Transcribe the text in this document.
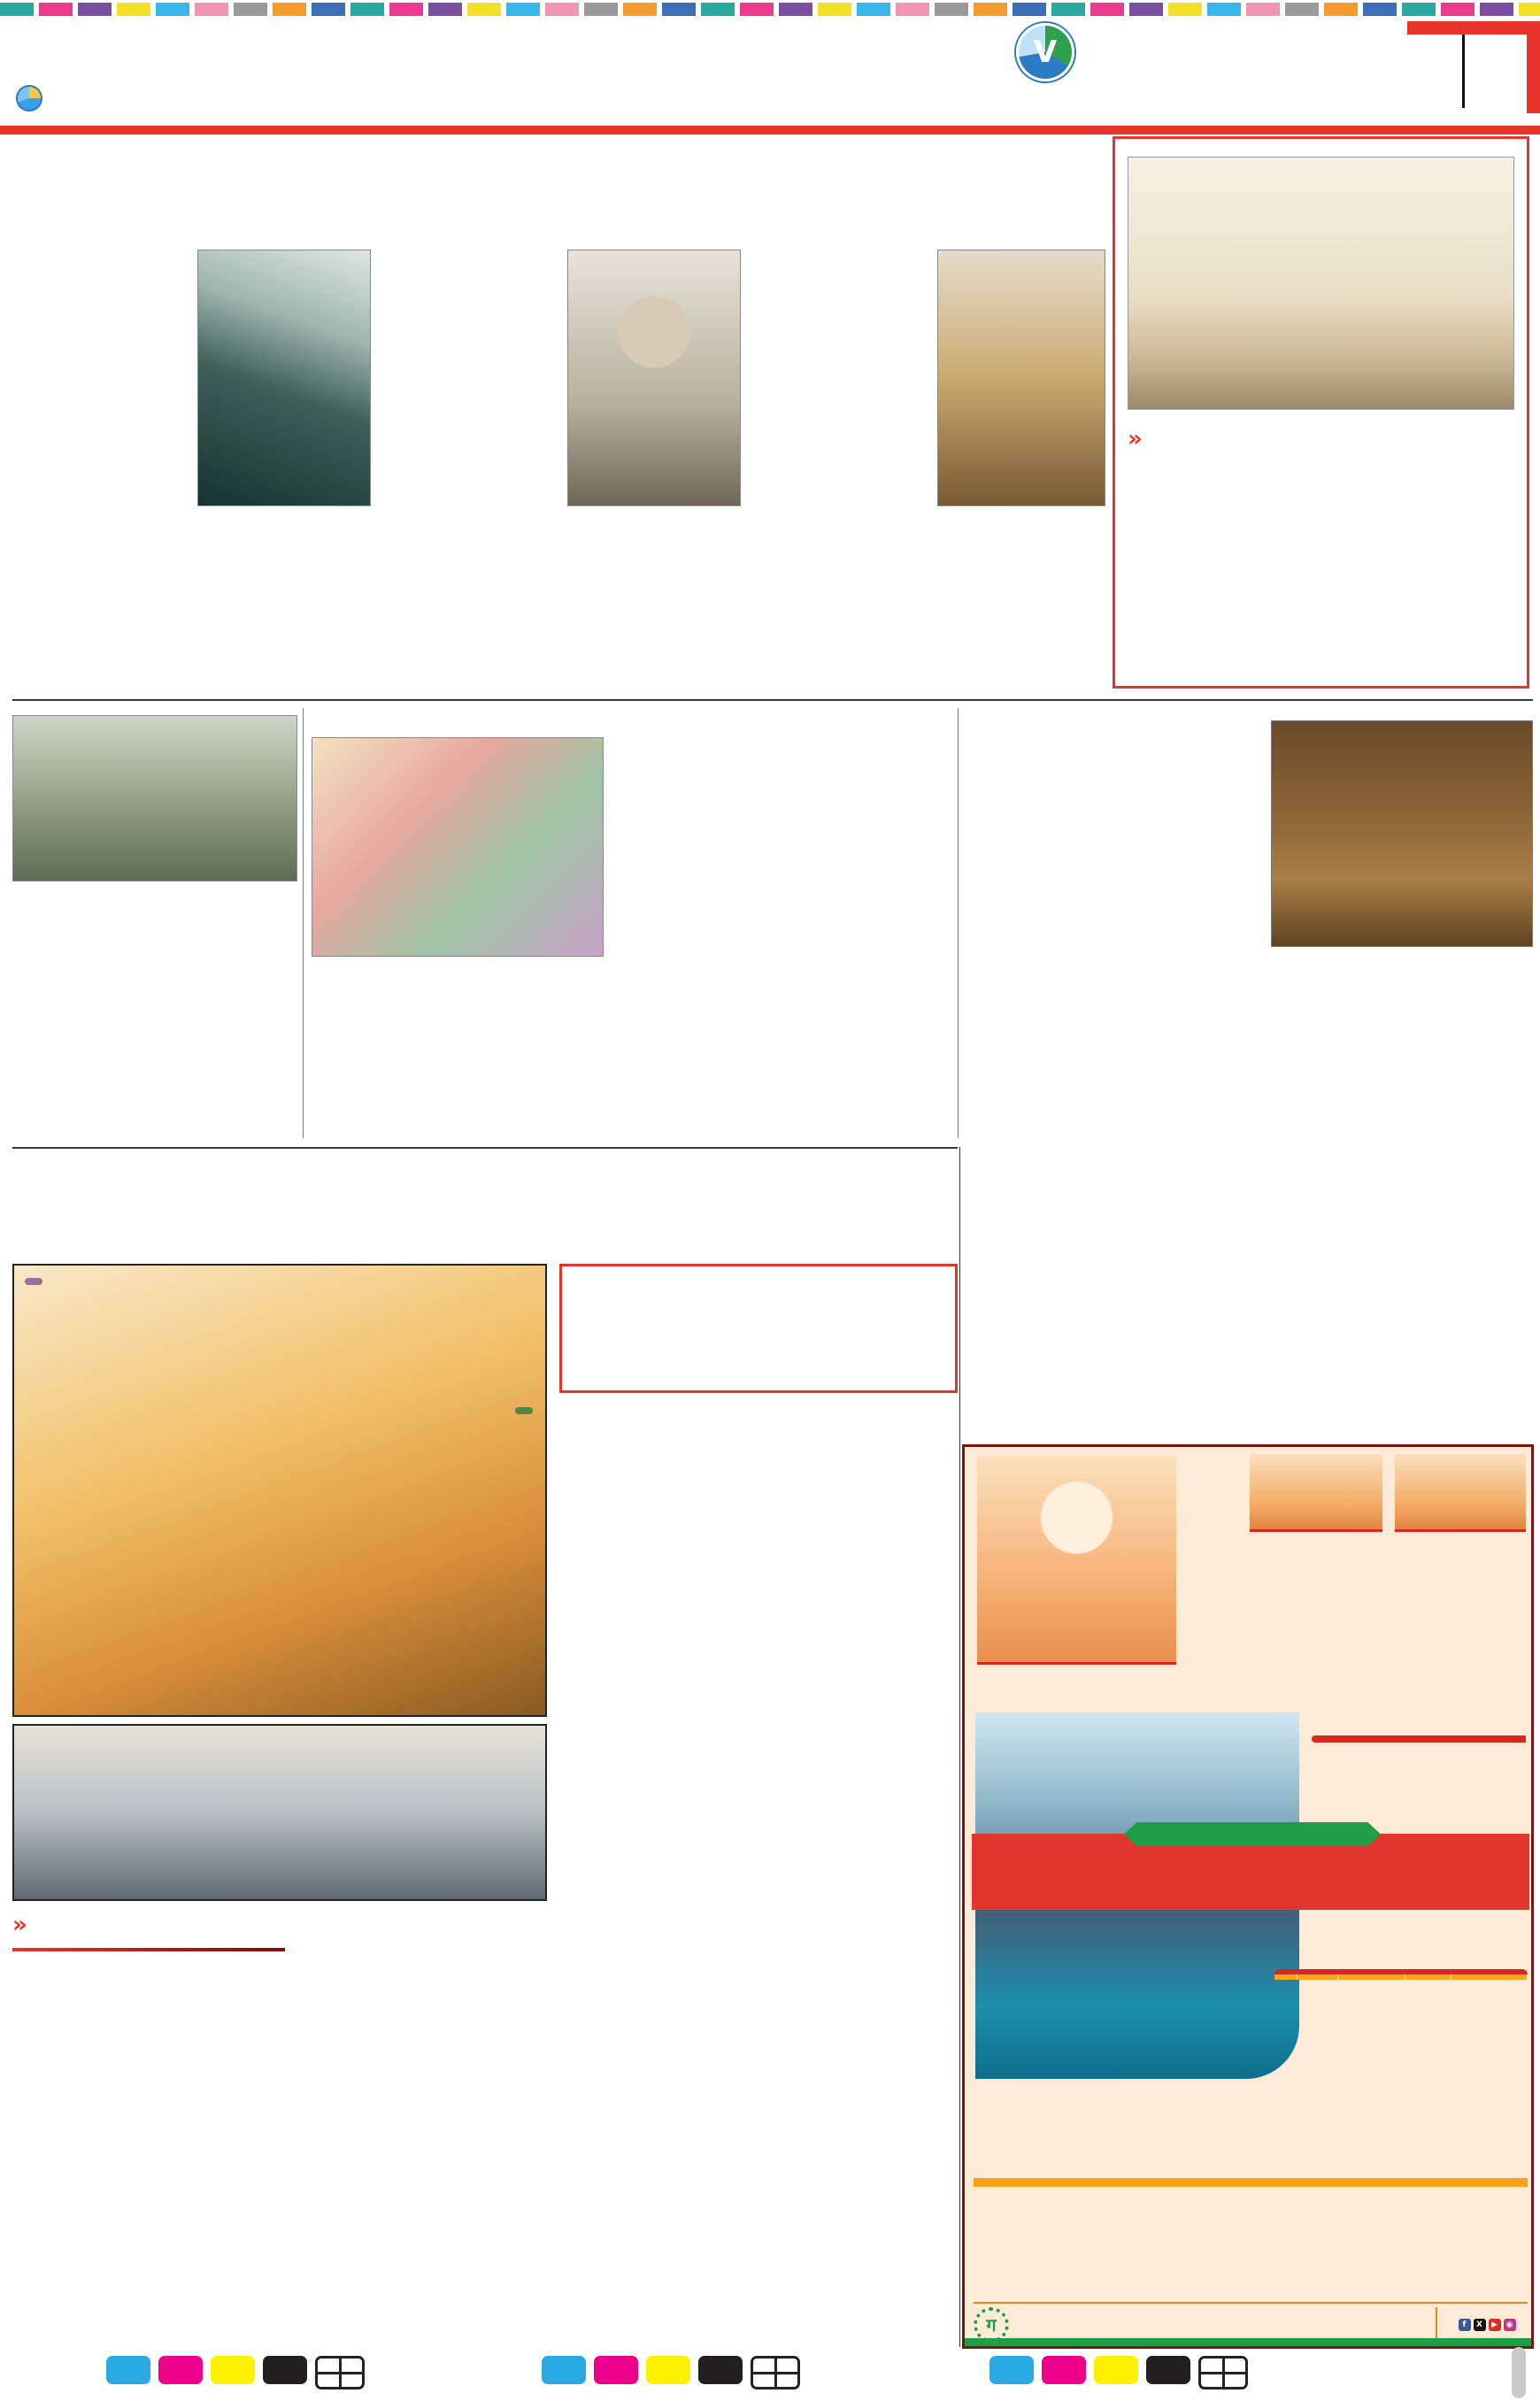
V

»

»

ग	f	X	▶	◉
